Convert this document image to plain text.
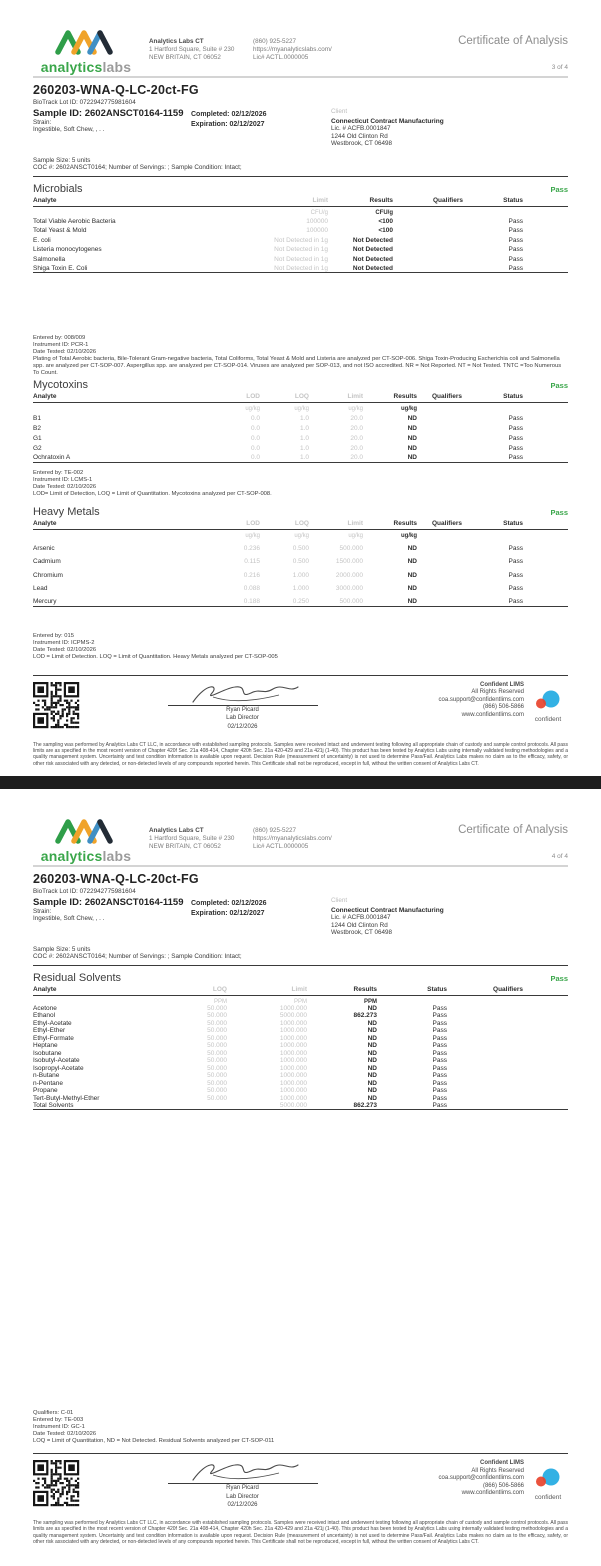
analyticslabs
Analytics Labs CT
1 Hartford Square, Suite # 230
NEW BRITAIN, CT 06052
(860) 925-5227
https://myanalyticslabs.com/
Lic# ACTL.0000005
Certificate of Analysis
3 of 4
260203-WNA-Q-LC-20ct-FG
BioTrack Lot ID: 0722942775981604
Sample ID: 2602ANSCT0164-1159
Strain:
Ingestible, Soft Chew, , . .
Completed: 02/12/2026
Expiration: 02/12/2027
Client
Connecticut Contract Manufacturing
Lic. # ACFB.0001847
1244 Old Clinton Rd
Westbrook, CT 06498
Sample Size: 5 units
COC #: 2602ANSCT0164; Number of Servings: ; Sample Condition: Intact;
Microbials	Pass
Analyte	Limit	Results	Qualifiers	Status
	CFU/g	CFU/g		
Total Viable Aerobic Bacteria	100000	<100		Pass
Total Yeast & Mold	100000	<100		Pass
E. coli	Not Detected in 1g	Not Detected		Pass
Listeria monocytogenes	Not Detected in 1g	Not Detected		Pass
Salmonella	Not Detected in 1g	Not Detected		Pass
Shiga Toxin E. Coli	Not Detected in 1g	Not Detected		Pass
Entered by: 008/009
Instrument ID: PCR-1
Date Tested: 02/10/2026
Plating of Total Aerobic bacteria, Bile-Tolerant Gram-negative bacteria, Total Coliforms, Total Yeast & Mold and Listeria are analyzed per CT-SOP-006. Shiga Toxin-Producing Escherichia coli and Salmonella spp. are analyzed per CT-SOP-007. Aspergillus spp. are analyzed per CT-SOP-014. Viruses are analyzed per SOP-013, and not ISO accredited. NR = Not Reported. NT = Not Tested. TNTC =Too Numerous To Count.
Mycotoxins	Pass
Analyte	LOD	LOQ	Limit	Results	Qualifiers	Status
	ug/kg	ug/kg	ug/kg	ug/kg		
B1	0.0	1.0	20.0	ND		Pass
B2	0.0	1.0	20.0	ND		Pass
G1	0.0	1.0	20.0	ND		Pass
G2	0.0	1.0	20.0	ND		Pass
Ochratoxin A	0.0	1.0	20.0	ND		Pass
Entered by: TE-002
Instrument ID: LCMS-1
Date Tested: 02/10/2026
LOD= Limit of Detection, LOQ = Limit of Quantitation. Mycotoxins analyzed per CT-SOP-008.
Heavy Metals	Pass
Analyte	LOD	LOQ	Limit	Results	Qualifiers	Status
	ug/kg	ug/kg	ug/kg	ug/kg		
Arsenic	0.236	0.500	500.000	ND		Pass
Cadmium	0.115	0.500	1500.000	ND		Pass
Chromium	0.216	1.000	2000.000	ND		Pass
Lead	0.088	1.000	3000.000	ND		Pass
Mercury	0.188	0.250	500.000	ND		Pass
Entered by: 015
Instrument ID: ICPMS-2
Date Tested: 02/10/2026
LOD = Limit of Detection. LOQ = Limit of Quantitation. Heavy Metals analyzed per CT-SOP-005
Ryan Picard
Lab Director
02/12/2026
Confident LIMS
All Rights Reserved
coa.support@confidentlims.com
(866) 506-5866
www.confidentlims.com
confident
The sampling was performed by Analytics Labs CT LLC, in accordance with established sampling protocols. Samples were received intact and underwent testing following all appropriate chain of custody and sample control protocols. All pass limits are as specified in the most recent version of Chapter 420f Sec. 21a 408-414, Chapter 420h Sec. 21a 420-429 and 21a 421j (1-40). This product has been tested by Analytics Labs using internally validated testing methodologies and a quality management system. Uncertainty and test condition information is available upon request. Decision Rule (measurement of uncertainty) is not used to determine Pass/Fail. Analytics Labs makes no claim as to the efficacy, safety, or other risk associated with any detected, or non-detected levels of any compounds reported herein. This Certificate shall not be reproduced, except in full, without the written consent of Analytics Labs CT.
analyticslabs
Analytics Labs CT
1 Hartford Square, Suite # 230
NEW BRITAIN, CT 06052
(860) 925-5227
https://myanalyticslabs.com/
Lic# ACTL.0000005
Certificate of Analysis
4 of 4
260203-WNA-Q-LC-20ct-FG
BioTrack Lot ID: 0722942775981604
Sample ID: 2602ANSCT0164-1159
Strain:
Ingestible, Soft Chew, , . .
Completed: 02/12/2026
Expiration: 02/12/2027
Client
Connecticut Contract Manufacturing
Lic. # ACFB.0001847
1244 Old Clinton Rd
Westbrook, CT 06498
Sample Size: 5 units
COC #: 2602ANSCT0164; Number of Servings: ; Sample Condition: Intact;
Residual Solvents	Pass
Analyte	LOQ	Limit	Results	Status	Qualifiers
	PPM	PPM	PPM		
Acetone	50.000	1000.000	ND	Pass	
Ethanol	50.000	5000.000	862.273	Pass	
Ethyl-Acetate	50.000	1000.000	ND	Pass	
Ethyl-Ether	50.000	1000.000	ND	Pass	
Ethyl-Formate	50.000	1000.000	ND	Pass	
Heptane	50.000	1000.000	ND	Pass	
Isobutane	50.000	1000.000	ND	Pass	
Isobutyl-Acetate	50.000	1000.000	ND	Pass	
Isopropyl-Acetate	50.000	1000.000	ND	Pass	
n-Butane	50.000	1000.000	ND	Pass	
n-Pentane	50.000	1000.000	ND	Pass	
Propane	50.000	1000.000	ND	Pass	
Tert-Butyl-Methyl-Ether	50.000	1000.000	ND	Pass	
Total Solvents		5000.000	862.273	Pass	
Qualifiers: C-01
Entered by: TE-003
Instrument ID: GC-1
Date Tested: 02/10/2026
LOQ = Limit of Quantitation, ND = Not Detected. Residual Solvents analyzed per CT-SOP-011
Ryan Picard
Lab Director
02/12/2026
Confident LIMS
All Rights Reserved
coa.support@confidentlims.com
(866) 506-5866
www.confidentlims.com
confident
The sampling was performed by Analytics Labs CT LLC, in accordance with established sampling protocols. Samples were received intact and underwent testing following all appropriate chain of custody and sample control protocols. All pass limits are as specified in the most recent version of Chapter 420f Sec. 21a 408-414, Chapter 420h Sec. 21a 420-429 and 21a 421j (1-40). This product has been tested by Analytics Labs using internally validated testing methodologies and a quality management system. Uncertainty and test condition information is available upon request. Decision Rule (measurement of uncertainty) is not used to determine Pass/Fail. Analytics Labs makes no claim as to the efficacy, safety, or other risk associated with any detected, or non-detected levels of any compounds reported herein. This Certificate shall not be reproduced, except in full, without the written consent of Analytics Labs CT.
